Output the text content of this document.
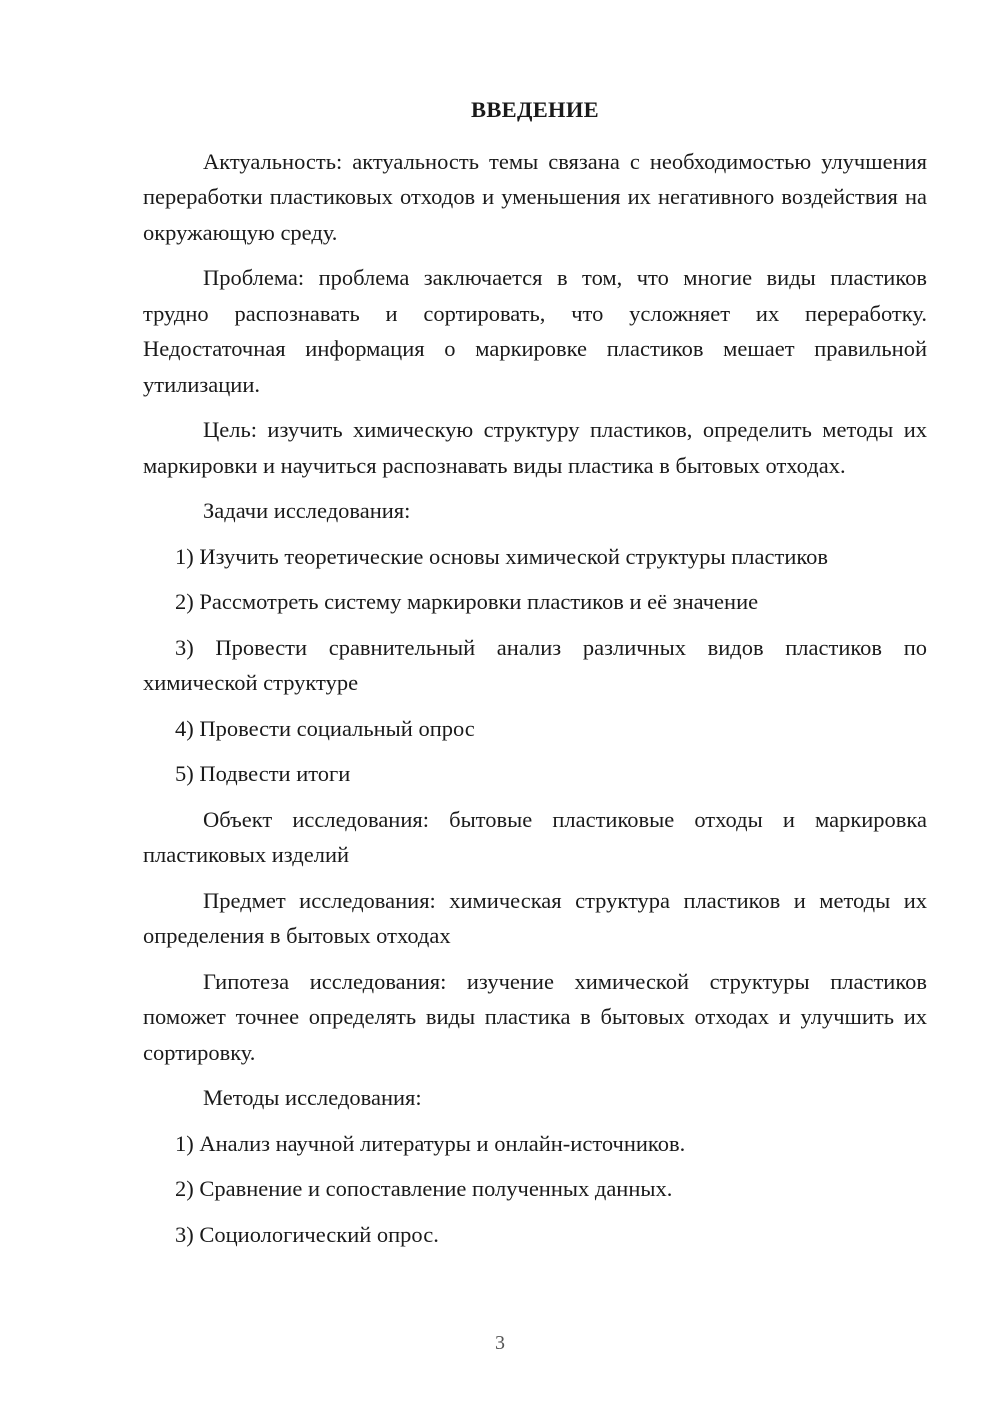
ВВЕДЕНИЕ

Актуальность: актуальность темы связана с необходимостью улучшения переработки пластиковых отходов и уменьшения их негативного воздействия на окружающую среду.

Проблема: проблема заключается в том, что многие виды пластиков трудно распознавать и сортировать, что усложняет их переработку. Недостаточная информация о маркировке пластиков мешает правильной утилизации.

Цель: изучить химическую структуру пластиков, определить методы их маркировки и научиться распознавать виды пластика в бытовых отходах.

Задачи исследования:

1) Изучить теоретические основы химической структуры пластиков

2) Рассмотреть систему маркировки пластиков и её значение

3) Провести сравнительный анализ различных видов пластиков по химической структуре

4) Провести социальный опрос

5) Подвести итоги

Объект исследования: бытовые пластиковые отходы и маркировка пластиковых изделий

Предмет исследования: химическая структура пластиков и методы их определения в бытовых отходах

Гипотеза исследования: изучение химической структуры пластиков поможет точнее определять виды пластика в бытовых отходах и улучшить их сортировку.

Методы исследования:

1) Анализ научной литературы и онлайн-источников.

2) Сравнение и сопоставление полученных данных.

3) Социологический опрос.

3
